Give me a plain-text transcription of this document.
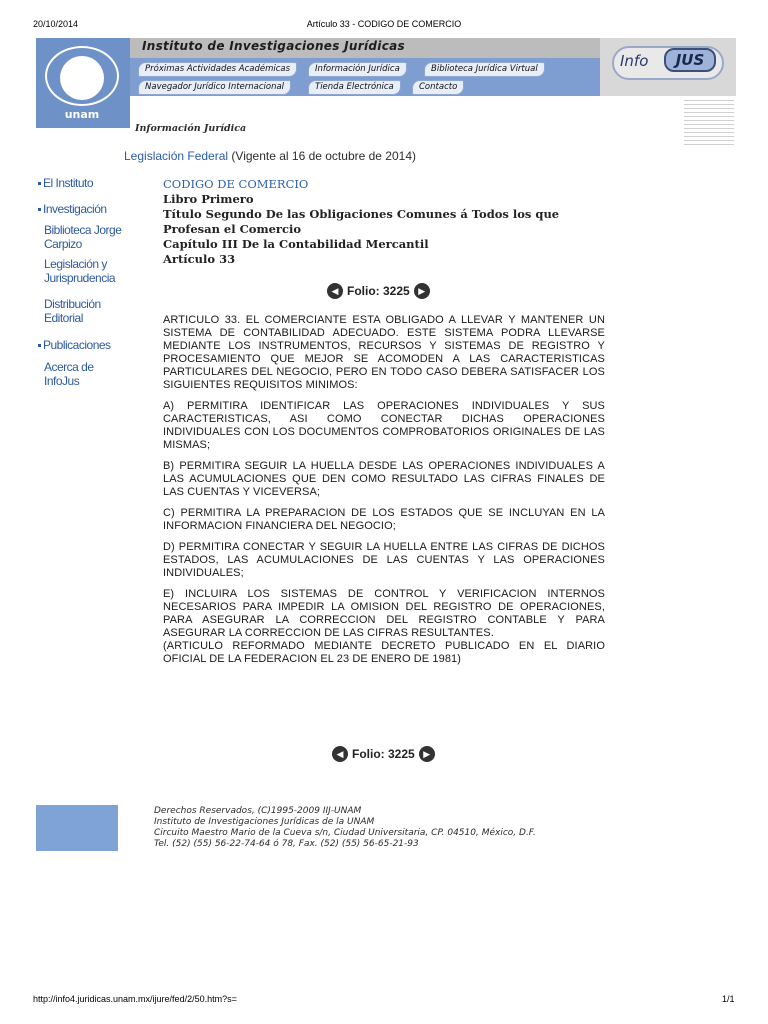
20/10/2014	Artículo 33 - CODIGO DE COMERCIO
Instituto de Investigaciones Jurídicas
unam
Próximas Actividades Académicas	Información Jurídica	Biblioteca Jurídica Virtual
Navegador Jurídico Internacional	Tienda Electrónica	Contacto
Info	JUS
El Instituto
Investigación
Biblioteca Jorge Carpizo
Legislación y Jurisprudencia
Distribución Editorial
Publicaciones
Acerca de InfoJus
Información Jurídica
Legislación Federal (Vigente al 16 de octubre de 2014)
CODIGO DE COMERCIO
Libro Primero
Título Segundo De las Obligaciones Comunes á Todos los que Profesan el Comercio
Capítulo III De la Contabilidad Mercantil
Artículo 33
◀ Folio: 3225 ▶

ARTICULO 33. EL COMERCIANTE ESTA OBLIGADO A LLEVAR Y MANTENER UN SISTEMA DE CONTABILIDAD ADECUADO. ESTE SISTEMA PODRA LLEVARSE MEDIANTE LOS INSTRUMENTOS, RECURSOS Y SISTEMAS DE REGISTRO Y PROCESAMIENTO QUE MEJOR SE ACOMODEN A LAS CARACTERISTICAS PARTICULARES DEL NEGOCIO, PERO EN TODO CASO DEBERA SATISFACER LOS SIGUIENTES REQUISITOS MINIMOS:

A) PERMITIRA IDENTIFICAR LAS OPERACIONES INDIVIDUALES Y SUS CARACTERISTICAS, ASI COMO CONECTAR DICHAS OPERACIONES INDIVIDUALES CON LOS DOCUMENTOS COMPROBATORIOS ORIGINALES DE LAS MISMAS;

B) PERMITIRA SEGUIR LA HUELLA DESDE LAS OPERACIONES INDIVIDUALES A LAS ACUMULACIONES QUE DEN COMO RESULTADO LAS CIFRAS FINALES DE LAS CUENTAS Y VICEVERSA;

C) PERMITIRA LA PREPARACION DE LOS ESTADOS QUE SE INCLUYAN EN LA INFORMACION FINANCIERA DEL NEGOCIO;

D) PERMITIRA CONECTAR Y SEGUIR LA HUELLA ENTRE LAS CIFRAS DE DICHOS ESTADOS, LAS ACUMULACIONES DE LAS CUENTAS Y LAS OPERACIONES INDIVIDUALES;

E) INCLUIRA LOS SISTEMAS DE CONTROL Y VERIFICACION INTERNOS NECESARIOS PARA IMPEDIR LA OMISION DEL REGISTRO DE OPERACIONES, PARA ASEGURAR LA CORRECCION DEL REGISTRO CONTABLE Y PARA ASEGURAR LA CORRECCION DE LAS CIFRAS RESULTANTES.

(ARTICULO REFORMADO MEDIANTE DECRETO PUBLICADO EN EL DIARIO OFICIAL DE LA FEDERACION EL 23 DE ENERO DE 1981)

◀ Folio: 3225 ▶
Derechos Reservados, (C)1995-2009 IIJ-UNAM
Instituto de Investigaciones Jurídicas de la UNAM
Circuito Maestro Mario de la Cueva s/n, Ciudad Universitaria, CP. 04510, México, D.F.
Tel. (52) (55) 56-22-74-64 ó 78, Fax. (52) (55) 56-65-21-93
http://info4.juridicas.unam.mx/ijure/fed/2/50.htm?s=	1/1
